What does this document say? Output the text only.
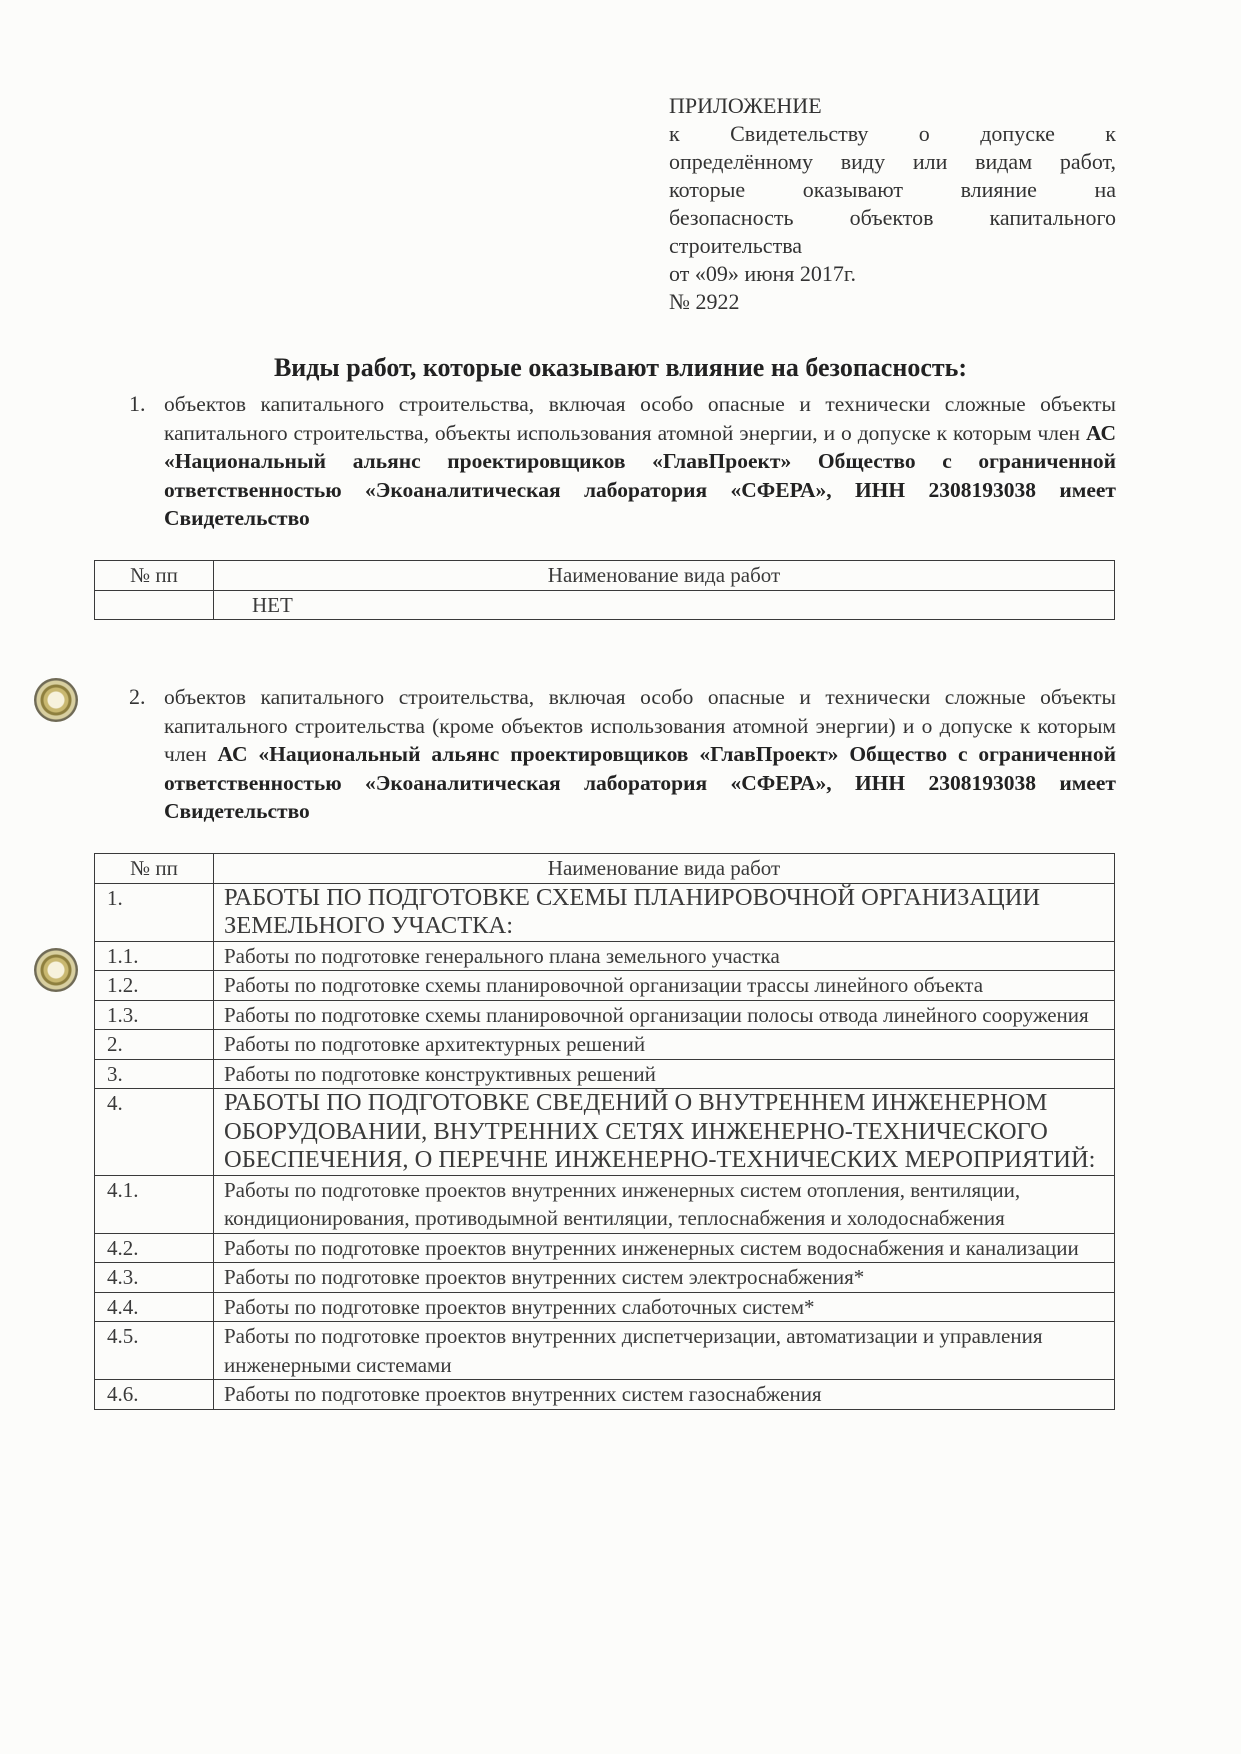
ПРИЛОЖЕНИЕ
к Свидетельству о допуске к
определённому виду или видам работ,
которые оказывают влияние на
безопасность объектов капитального
строительства
от «09» июня 2017г.
№ 2922
Виды работ, которые оказывают влияние на безопасность:
1. объектов капитального строительства, включая особо опасные и технически сложные объекты капитального строительства, объекты использования атомной энергии, и о допуске к которым член АС «Национальный альянс проектировщиков «ГлавПроект» Общество с ограниченной ответственностью «Экоаналитическая лаборатория «СФЕРА», ИНН 2308193038 имеет Свидетельство
№ пп	Наименование вида работ
	НЕТ
2. объектов капитального строительства, включая особо опасные и технически сложные объекты капитального строительства (кроме объектов использования атомной энергии) и о допуске к которым член АС «Национальный альянс проектировщиков «ГлавПроект» Общество с ограниченной ответственностью «Экоаналитическая лаборатория «СФЕРА», ИНН 2308193038 имеет Свидетельство
№ пп	Наименование вида работ
1.	РАБОТЫ ПО ПОДГОТОВКЕ СХЕМЫ ПЛАНИРОВОЧНОЙ ОРГАНИЗАЦИИ ЗЕМЕЛЬНОГО УЧАСТКА:
1.1.	Работы по подготовке генерального плана земельного участка
1.2.	Работы по подготовке схемы планировочной организации трассы линейного объекта
1.3.	Работы по подготовке схемы планировочной организации полосы отвода линейного сооружения
2.	Работы по подготовке архитектурных решений
3.	Работы по подготовке конструктивных решений
4.	РАБОТЫ ПО ПОДГОТОВКЕ СВЕДЕНИЙ О ВНУТРЕННЕМ ИНЖЕНЕРНОМ ОБОРУДОВАНИИ, ВНУТРЕННИХ СЕТЯХ ИНЖЕНЕРНО-ТЕХНИЧЕСКОГО ОБЕСПЕЧЕНИЯ, О ПЕРЕЧНЕ ИНЖЕНЕРНО-ТЕХНИЧЕСКИХ МЕРОПРИЯТИЙ:
4.1.	Работы по подготовке проектов внутренних инженерных систем отопления, вентиляции, кондиционирования, противодымной вентиляции, теплоснабжения и холодоснабжения
4.2.	Работы по подготовке проектов внутренних инженерных систем водоснабжения и канализации
4.3.	Работы по подготовке проектов внутренних систем электроснабжения*
4.4.	Работы по подготовке проектов внутренних слаботочных систем*
4.5.	Работы по подготовке проектов внутренних диспетчеризации, автоматизации и управления инженерными системами
4.6.	Работы по подготовке проектов внутренних систем газоснабжения
